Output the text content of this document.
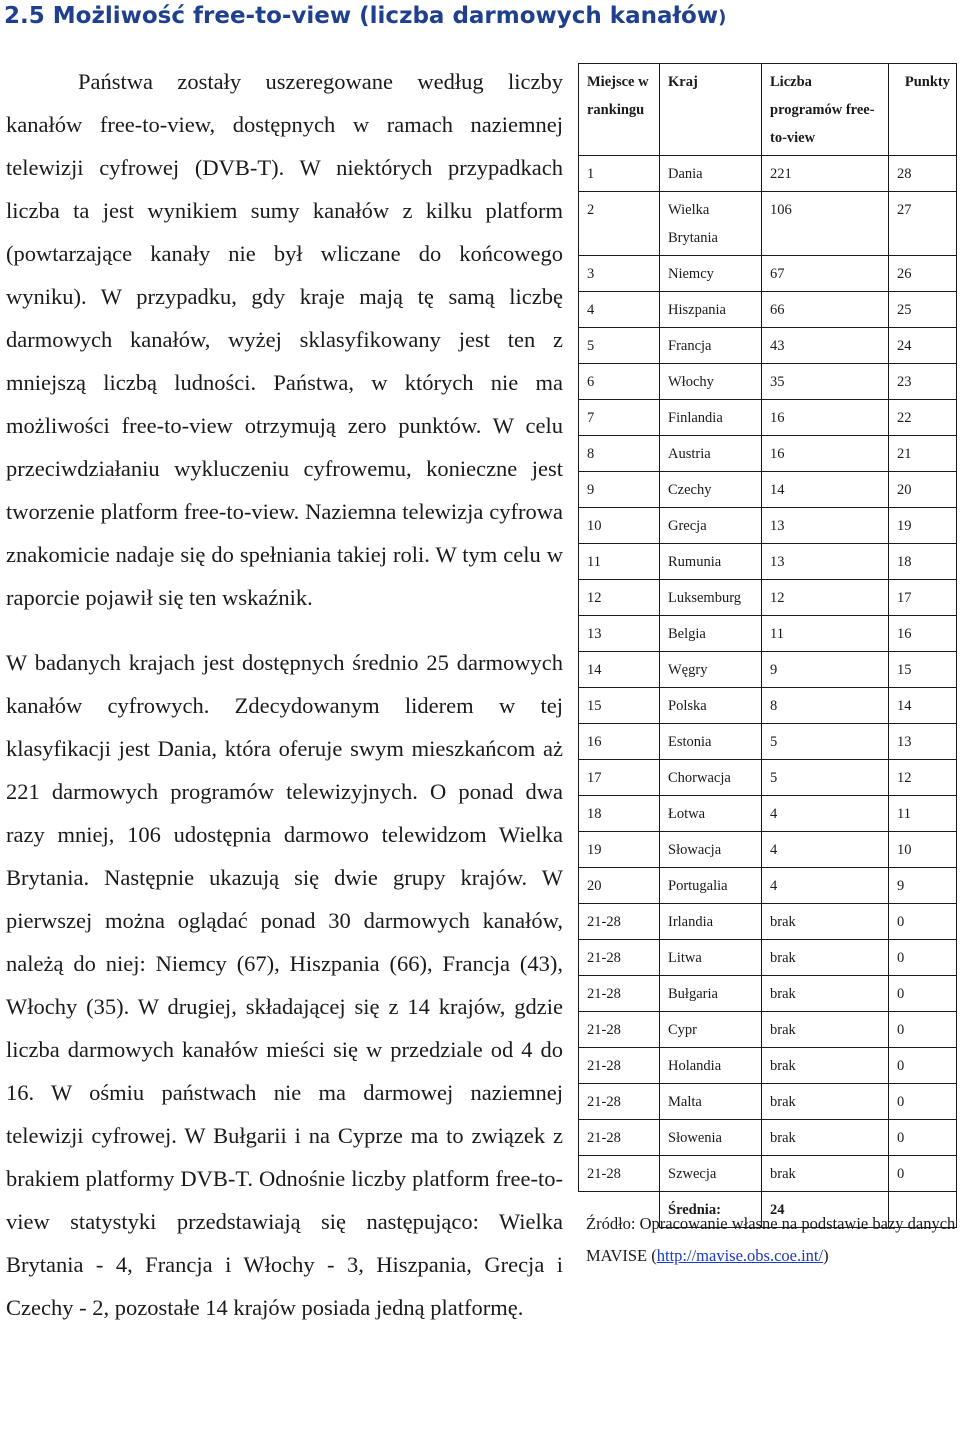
2.5 Możliwość free-to-view (liczba darmowych kanałów)

Państwa zostały uszeregowane według liczby kanałów free-to-view, dostępnych w ramach naziemnej telewizji cyfrowej (DVB-T). W niektórych przypadkach liczba ta jest wynikiem sumy kanałów z kilku platform (powtarzające kanały nie był wliczane do końcowego wyniku). W przypadku, gdy kraje mają tę samą liczbę darmowych kanałów, wyżej sklasyfikowany jest ten z mniejszą liczbą ludności. Państwa, w których nie ma możliwości free-to-view otrzymują zero punktów. W celu przeciwdziałaniu wykluczeniu cyfrowemu, konieczne jest tworzenie platform free-to-view. Naziemna telewizja cyfrowa znakomicie nadaje się do spełniania takiej roli. W tym celu w raporcie pojawił się ten wskaźnik.

W badanych krajach jest dostępnych średnio 25 darmowych kanałów cyfrowych. Zdecydowanym liderem w tej klasyfikacji jest Dania, która oferuje swym mieszkańcom aż 221 darmowych programów telewizyjnych. O ponad dwa razy mniej, 106 udostępnia darmowo telewidzom Wielka Brytania. Następnie ukazują się dwie grupy krajów. W pierwszej można oglądać ponad 30 darmowych kanałów, należą do niej: Niemcy (67), Hiszpania (66), Francja (43), Włochy (35). W drugiej, składającej się z 14 krajów, gdzie liczba darmowych kanałów mieści się w przedziale od 4 do 16. W ośmiu państwach nie ma darmowej naziemnej telewizji cyfrowej. W Bułgarii i na Cyprze ma to związek z brakiem platformy DVB-T. Odnośnie liczby platform free-to-view statystyki przedstawiają się następująco: Wielka Brytania - 4, Francja i Włochy - 3, Hiszpania, Grecja i Czechy - 2, pozostałe 14 krajów posiada jedną platformę.

Miejsce w rankingu	Kraj	Liczba programów free-to-view	Punkty
1	Dania	221	28
2	Wielka Brytania	106	27
3	Niemcy	67	26
4	Hiszpania	66	25
5	Francja	43	24
6	Włochy	35	23
7	Finlandia	16	22
8	Austria	16	21
9	Czechy	14	20
10	Grecja	13	19
11	Rumunia	13	18
12	Luksemburg	12	17
13	Belgia	11	16
14	Węgry	9	15
15	Polska	8	14
16	Estonia	5	13
17	Chorwacja	5	12
18	Łotwa	4	11
19	Słowacja	4	10
20	Portugalia	4	9
21-28	Irlandia	brak	0
21-28	Litwa	brak	0
21-28	Bułgaria	brak	0
21-28	Cypr	brak	0
21-28	Holandia	brak	0
21-28	Malta	brak	0
21-28	Słowenia	brak	0
21-28	Szwecja	brak	0
	Średnia:	24	
Źródło: Opracowanie własne na podstawie bazy danych MAVISE (http://mavise.obs.coe.int/)
